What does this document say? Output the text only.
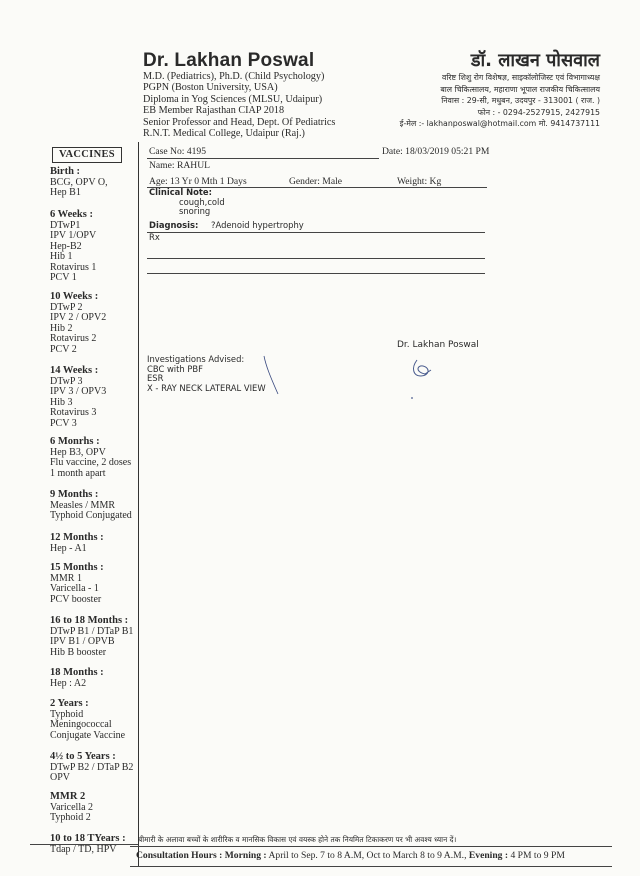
Dr. Lakhan Poswal
M.D. (Pediatrics), Ph.D. (Child Psychology)
PGPN (Boston University, USA)
Diploma in Yog Sciences (MLSU, Udaipur)
EB Member Rajasthan CIAP 2018
Senior Professor and Head, Dept. Of Pediatrics
R.N.T. Medical College, Udaipur (Raj.)
डॉ. लाखन पोसवाल
वरिष्ट शिशु रोग विशेषज्ञ, साइकॉलोजिस्ट एवं विभागाध्यक्ष
बाल चिकित्सालय, महाराणा भूपाल राजकीय चिकित्सालय
निवास : 29-सी, मधुबन, उदयपुर - 313001 ( राज. )
फोन : - 0294-2527915, 2427915
ई-मेल :- lakhanposwal@hotmail.com मो. 9414737111
VACCINES
Birth :
BCG, OPV O,
Hep B1
6 Weeks :
DTwP1
IPV 1/OPV
Hep-B2
Hib 1
Rotavirus 1
PCV 1
10 Weeks :
DTwP 2
IPV 2 / OPV2
Hib 2
Rotavirus 2
PCV 2
14 Weeks :
DTwP 3
IPV 3 / OPV3
Hib 3
Rotavirus 3
PCV 3
6 Monrhs :
Hep B3, OPV
Flu vaccine, 2 doses
1 month apart
9 Months :
Measles / MMR
Typhoid Conjugated
12 Months :
Hep - A1
15 Months :
MMR 1
Varicella - 1
PCV booster
16 to 18 Months :
DTwP B1 / DTaP B1
IPV B1 / OPVB
Hib B booster
18 Months :
Hep : A2
2 Years :
Typhoid
Meningococcal
Conjugate Vaccine
4½ to 5 Years :
DTwP B2 / DTaP B2
OPV
MMR 2
Varicella 2
Typhoid 2
10 to 18 TYears :
Tdap / TD, HPV
Case No: 4195	Date: 18/03/2019 05:21 PM
Name: RAHUL
Age: 13 Yr 0 Mth 1 Days	Gender: Male	Weight: Kg
Clinical Note:
cough,cold
snoring
Diagnosis: ?Adenoid hypertrophy
Rx
Dr. Lakhan Poswal
Investigations Advised:
CBC with PBF
ESR
X - RAY NECK LATERAL VIEW
बीमारी के अलावा बच्चों के शारीरिक व मानसिक विकास एवं वयस्क होने तक नियमित टिकाकरण पर भी अवश्य ध्यान दें।
Consultation Hours : Morning : April to Sep. 7 to 8 A.M, Oct to March 8 to 9 A.M., Evening : 4 PM to 9 PM
